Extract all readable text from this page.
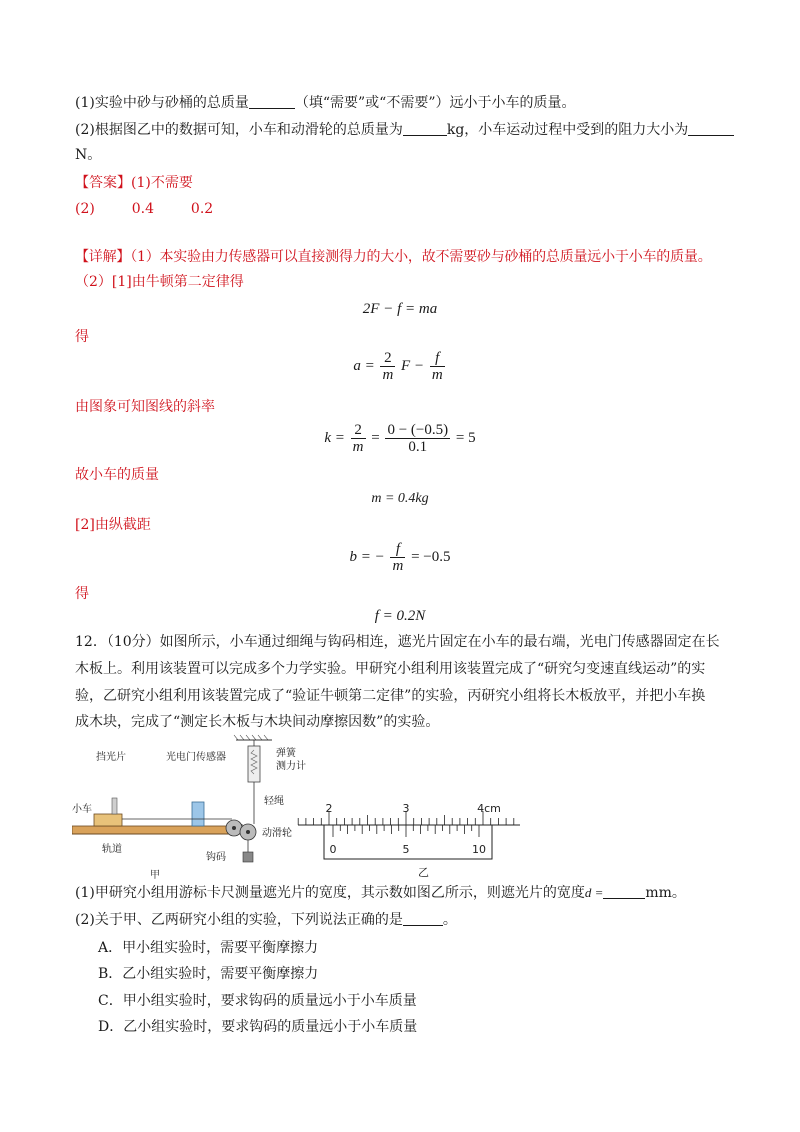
(1)实验中砂与砂桶的总质量	（填“需要”或“不需要”）远小于小车的质量。
(2)根据图乙中的数据可知，小车和动滑轮的总质量为	kg，小车运动过程中受到的阻力大小为
N。
【答案】(1)不需要
(2)	0.4	0.2
【详解】（1）本实验由力传感器可以直接测得力的大小，故不需要砂与砂桶的总质量远小于小车的质量。
（2）[1]由牛顿第二定律得
2F − f = ma
得
$a = \frac{2}{m}$ $F - \frac{f}{m}$
由图象可知图线的斜率
$k = \frac{2}{m} = \frac{0 - (-0.5)}{0.1} = 5$
故小车的质量
m = 0.4kg
[2]由纵截距
b = − $\frac{f}{m} = -0.5$
得
f = 0.2N
12．（10分）如图所示，小车通过细绳与钩码相连，遮光片固定在小车的最右端，光电门传感器固定在长
木板上。利用该装置可以完成多个力学实验。甲研究小组利用该装置完成了“研究匀变速直线运动”的实
验，乙研究小组利用该装置完成了“验证牛顿第二定律”的实验，丙研究小组将长木板放平，并把小车换
成木块，完成了“测定长木板与木块间动摩擦因数”的实验。
挡光片	光电门传感器
小车
轨道
弹簧
测力计
轻绳
动滑轮
钩码
甲
2	3	4cm
0	5	10
乙
(1)甲研究小组用游标卡尺测量遮光片的宽度，其示数如图乙所示，则遮光片的宽度d =	mm。
(2)关于甲、乙两研究小组的实验，下列说法正确的是	。
A．甲小组实验时，需要平衡摩擦力
B．乙小组实验时，需要平衡摩擦力
C．甲小组实验时，要求钩码的质量远小于小车质量
D．乙小组实验时，要求钩码的质量远小于小车质量
